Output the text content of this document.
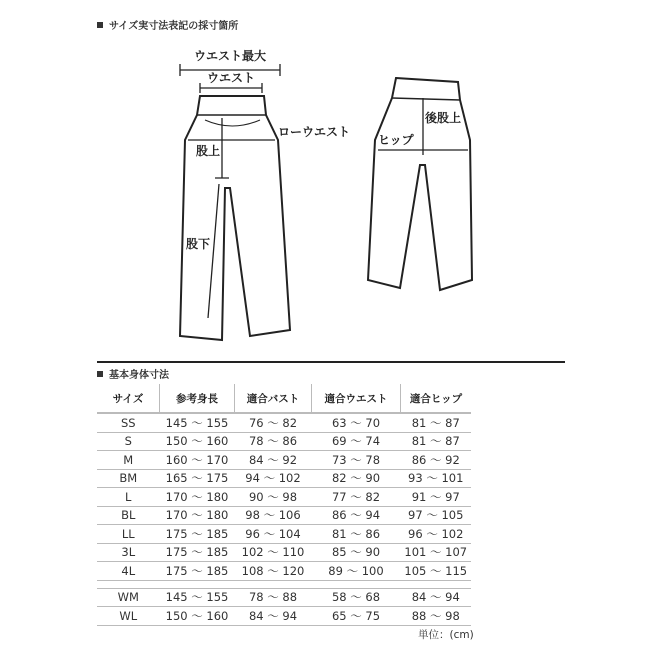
サイズ実寸法表記の採寸箇所
ウエスト最大
ウエスト
ローウエスト
股上
股下
後股上
ヒップ
基本身体寸法
サイズ	参考身長	適合バスト	適合ウエスト	適合ヒップ
SS	145 ～ 155	76 ～ 82	63 ～ 70	81 ～ 87
S	150 ～ 160	78 ～ 86	69 ～ 74	81 ～ 87
M	160 ～ 170	84 ～ 92	73 ～ 78	86 ～ 92
BM	165 ～ 175	94 ～ 102	82 ～ 90	93 ～ 101
L	170 ～ 180	90 ～ 98	77 ～ 82	91 ～ 97
BL	170 ～ 180	98 ～ 106	86 ～ 94	97 ～ 105
LL	175 ～ 185	96 ～ 104	81 ～ 86	96 ～ 102
3L	175 ～ 185	102 ～ 110	85 ～ 90	101 ～ 107
4L	175 ～ 185	108 ～ 120	89 ～ 100	105 ～ 115

WM	145 ～ 155	78 ～ 88	58 ～ 68	84 ～ 94
WL	150 ～ 160	84 ～ 94	65 ～ 75	88 ～ 98
単位：(cm)
